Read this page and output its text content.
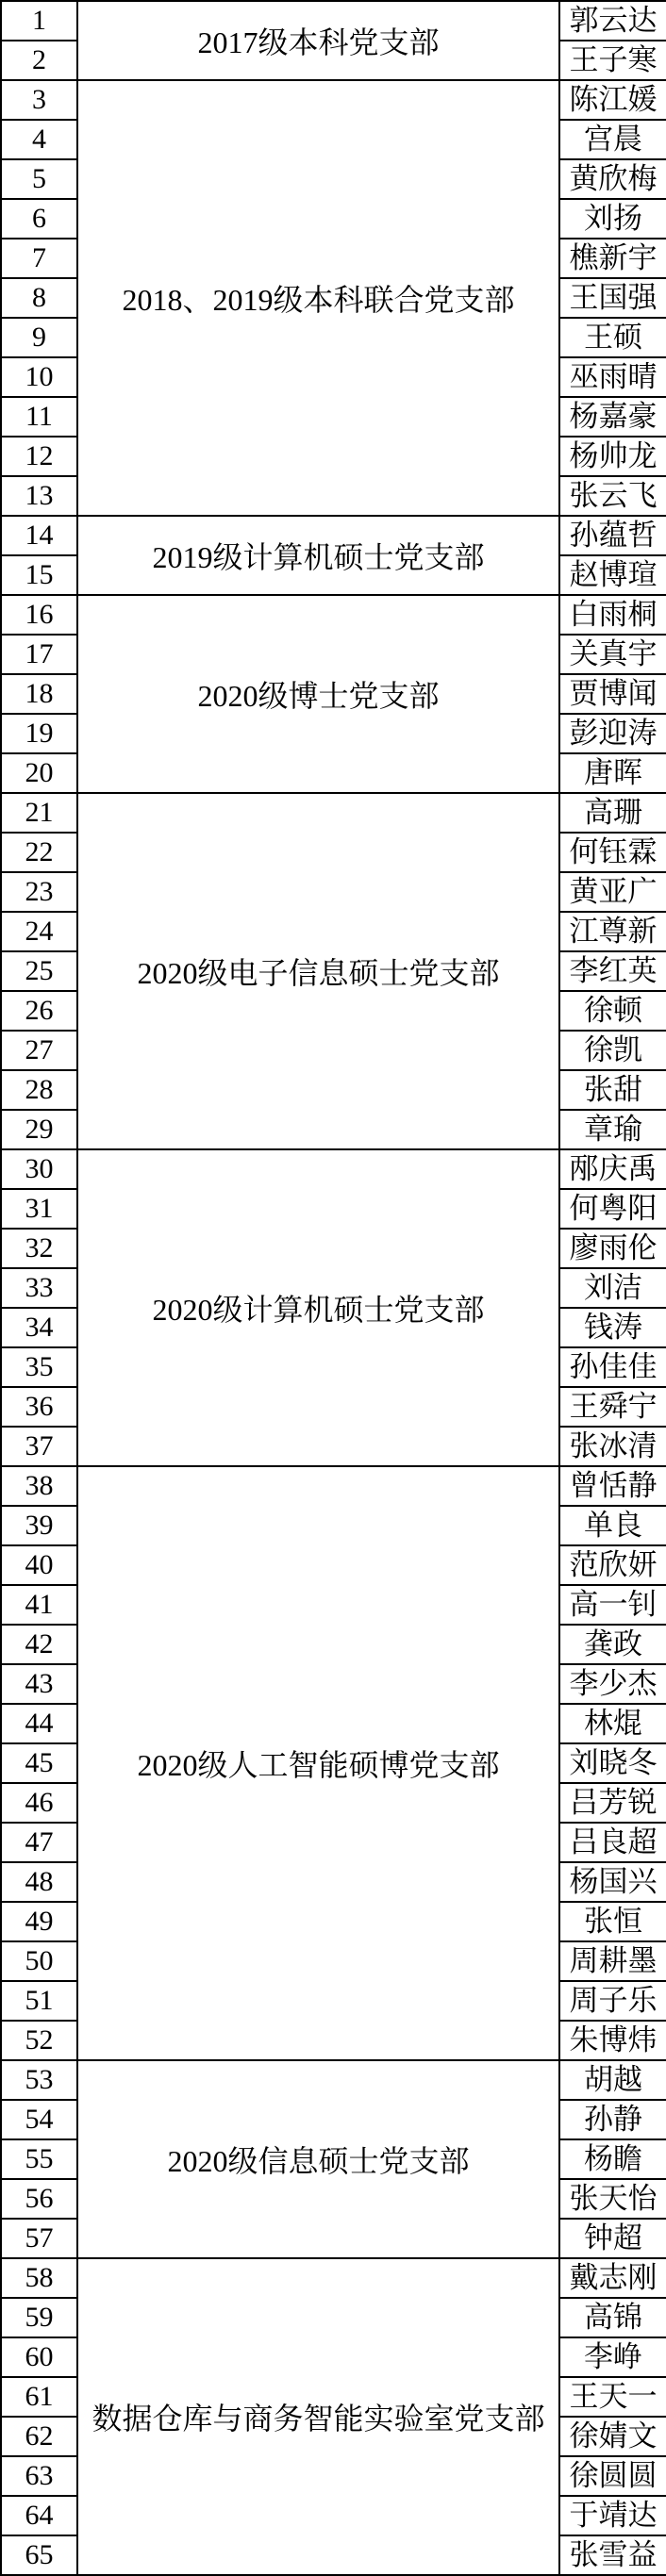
1	2017级本科党支部	郭云达
2		王子寒
3	2018、2019级本科联合党支部	陈江媛
4		宫晨
5		黄欣梅
6		刘扬
7		樵新宇
8		王国强
9		王硕
10		巫雨晴
11		杨嘉豪
12		杨帅龙
13		张云飞
14	2019级计算机硕士党支部	孙蕴哲
15		赵博瑄
16	2020级博士党支部	白雨桐
17		关真宇
18		贾博闻
19		彭迎涛
20		唐晖
21	2020级电子信息硕士党支部	高珊
22		何钰霖
23		黄亚广
24		江尊新
25		李红英
26		徐顿
27		徐凯
28		张甜
29		章瑜
30	2020级计算机硕士党支部	邴庆禹
31		何粤阳
32		廖雨伦
33		刘洁
34		钱涛
35		孙佳佳
36		王舜宁
37		张冰清
38	2020级人工智能硕博党支部	曾恬静
39		单良
40		范欣妍
41		高一钊
42		龚政
43		李少杰
44		林焜
45		刘晓冬
46		吕芳锐
47		吕良超
48		杨国兴
49		张恒
50		周耕墨
51		周子乐
52		朱博炜
53	2020级信息硕士党支部	胡越
54		孙静
55		杨瞻
56		张天怡
57		钟超
58	数据仓库与商务智能实验室党支部	戴志刚
59		高锦
60		李峥
61		王天一
62		徐婧文
63		徐圆圆
64		于靖达
65		张雪益
